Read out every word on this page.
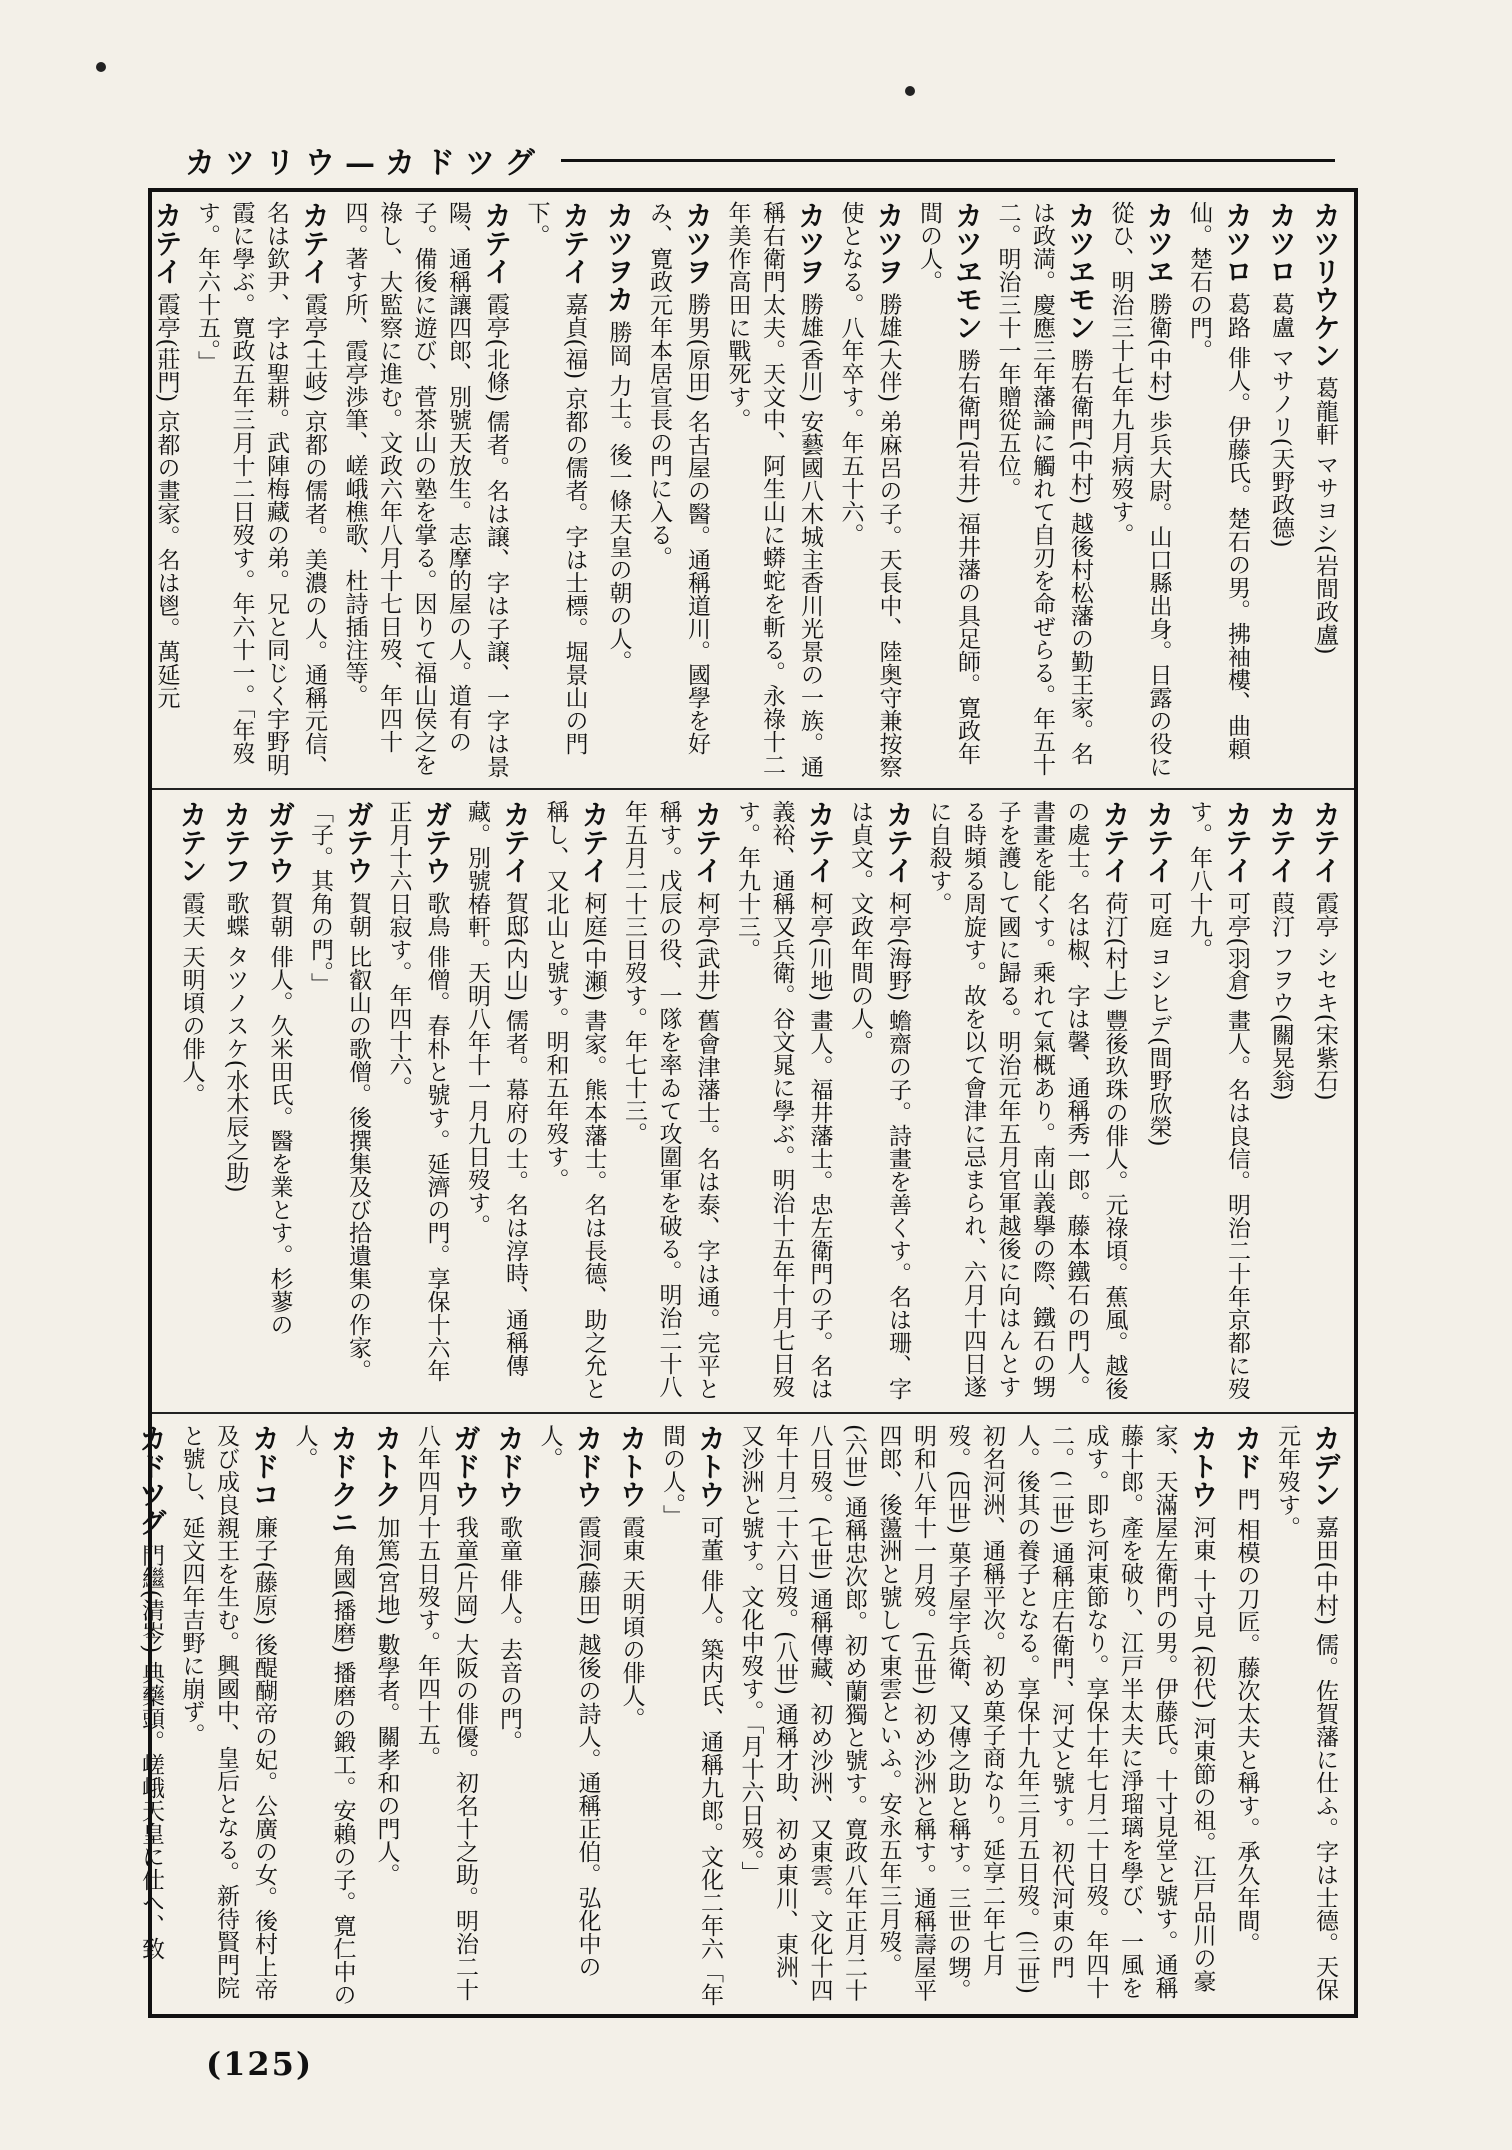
カツリウ—カドツグ
カツリウケン 葛龍軒 マサヨシ(岩間政盧)
カツロ 葛盧 マサノリ(天野政德)
カツロ 葛路 俳人。伊藤氏。楚石の男。拂袖樓、曲頼仙。楚石の門。
カツヱ 勝衛(中村) 歩兵大尉。山口縣出身。日露の役に從ひ、明治三十七年九月病歿す。
カツヱモン 勝右衛門(中村) 越後村松藩の勤王家。名は政満。慶應三年藩論に觸れて自刃を命ぜらる。年五十二。明治三十一年贈從五位。
カツヱモン 勝右衛門(岩井) 福井藩の具足師。寛政年間の人。
カツヲ 勝雄(大伴) 弟麻呂の子。天長中、陸奥守兼按察使となる。八年卒す。年五十六。
カツヲ 勝雄(香川) 安藝國八木城主香川光景の一族。通稱右衛門太夫。天文中、阿生山に蟒蛇を斬る。永祿十二年美作高田に戰死す。
カツヲ 勝男(原田) 名古屋の醫。通稱道川。國學を好み、寛政元年本居宣長の門に入る。
カツヲカ 勝岡 力士。後一條天皇の朝の人。
カテイ 嘉貞(福) 京都の儒者。字は士標。堀景山の門下。
カテイ 霞亭(北條) 儒者。名は譲、字は子譲、一字は景陽、通稱讓四郎、別號天放生。志摩的屋の人。道有の子。備後に遊び、菅茶山の塾を掌る。因りて福山侯之を祿し、大監察に進む。文政六年八月十七日歿、年四十四。著す所、霞亭渉筆、嵯峨樵歌、杜詩插注等。
カテイ 霞亭(土岐) 京都の儒者。美濃の人。通稱元信、名は欽尹、字は聖耕。武陣梅藏の弟。兄と同じく宇野明霞に學ぶ。寛政五年三月十二日歿す。年六十一。「年歿す。年六十五。」
カテイ 霞亭(莊門) 京都の畫家。名は鬯。萬延元
カテイ 霞亭 シセキ(宋紫石)
カテイ 葭汀 フヲウ(關晃翁)
カテイ 可亭(羽倉) 畫人。名は良信。明治二十年京都に歿す。年八十九。
カテイ 可庭 ヨシヒデ(間野欣榮)
カテイ 荷汀(村上) 豐後玖珠の俳人。元祿頃。蕉風。越後の處士。名は椒、字は馨、通稱秀一郎。藤本鐵石の門人。書畫を能くす。乘れて氣概あり。南山義擧の際、鐵石の甥子を護して國に歸る。明治元年五月官軍越後に向はんとする時頻る周旋す。故を以て會津に忌まられ、六月十四日遂に自殺す。
カテイ 柯亭(海野) 蟾齋の子。詩畫を善くす。名は珊、字は貞文。文政年間の人。
カテイ 柯亭(川地) 畫人。福井藩士。忠左衛門の子。名は義裕、通稱又兵衛。谷文晁に學ぶ。明治十五年十月七日歿す。年九十三。
カテイ 柯亭(武井) 舊會津藩士。名は泰、字は通。完平と稱す。戊辰の役、一隊を率ゐて攻圍軍を破る。明治二十八年五月二十三日歿す。年七十三。
カテイ 柯庭(中瀬) 書家。熊本藩士。名は長德、助之允と稱し、又北山と號す。明和五年歿す。
カテイ 賀邸(内山) 儒者。幕府の士。名は淳時、通稱傳藏。別號椿軒。天明八年十一月九日歿す。
ガテウ 歌鳥 俳僧。春朴と號す。延濟の門。享保十六年正月十六日寂す。年四十六。
ガテウ 賀朝 比叡山の歌僧。後撰集及び拾遺集の作家。「子。其角の門。」
ガテウ 賀朝 俳人。久米田氏。醫を業とす。杉蓼の
カテフ 歌蝶 タツノスケ(水木辰之助)
カテン 霞天 天明頃の俳人。
カデン 嘉田(中村) 儒。佐賀藩に仕ふ。字は士德。天保元年歿す。
カド 門 相模の刀匠。藤次太夫と稱す。承久年間。
カトウ 河東 十寸見 (初代) 河東節の祖。江戸品川の豪家、天滿屋左衛門の男。伊藤氏。十寸見堂と號す。通稱藤十郎。產を破り、江戸半太夫に淨瑠璃を學び、一風を成す。即ち河東節なり。享保十年七月二十日歿。年四十二。(二世) 通稱庄右衛門、河丈と號す。初代河東の門人。後其の養子となる。享保十九年三月五日歿。(三世) 初名河洲、通稱平次。初め菓子商なり。延享二年七月歿。(四世) 菓子屋宇兵衛、又傳之助と稱す。三世の甥。明和八年十一月歿。(五世) 初め沙洲と稱す。通稱壽屋平四郎、後蘯洲と號して東雲といふ。安永五年三月歿。(六世) 通稱忠次郎。初め蘭獨と號す。寛政八年正月二十八日歿。(七世) 通稱傳藏、初め沙洲、又東雲。文化十四年十月二十六日歿。(八世) 通稱才助、初め東川、東洲、又沙洲と號す。文化中歿す。「月十六日歿。」
カトウ 可董 俳人。築内氏、通稱九郎。文化二年六「年間の人。」
カトウ 霞東 天明頃の俳人。
カドウ 霞洞(藤田) 越後の詩人。通稱正伯。弘化中の人。
カドウ 歌童 俳人。去音の門。
ガドウ 我童(片岡) 大阪の俳優。初名十之助。明治二十八年四月十五日歿す。年四十五。
カトク 加篤(宮地) 數學者。關孝和の門人。
カドクニ 角國(播磨) 播磨の鍛工。安賴の子。寛仁中の人。
カドコ 廉子(藤原) 後醍醐帝の妃。公廣の女。後村上帝及び成良親王を生む。興國中、皇后となる。新待賢門院と號し、延文四年吉野に崩ず。
カドツグ 門繼(清岑) 典藥頭。嵯峨天皇に仕へ、致
(125)
